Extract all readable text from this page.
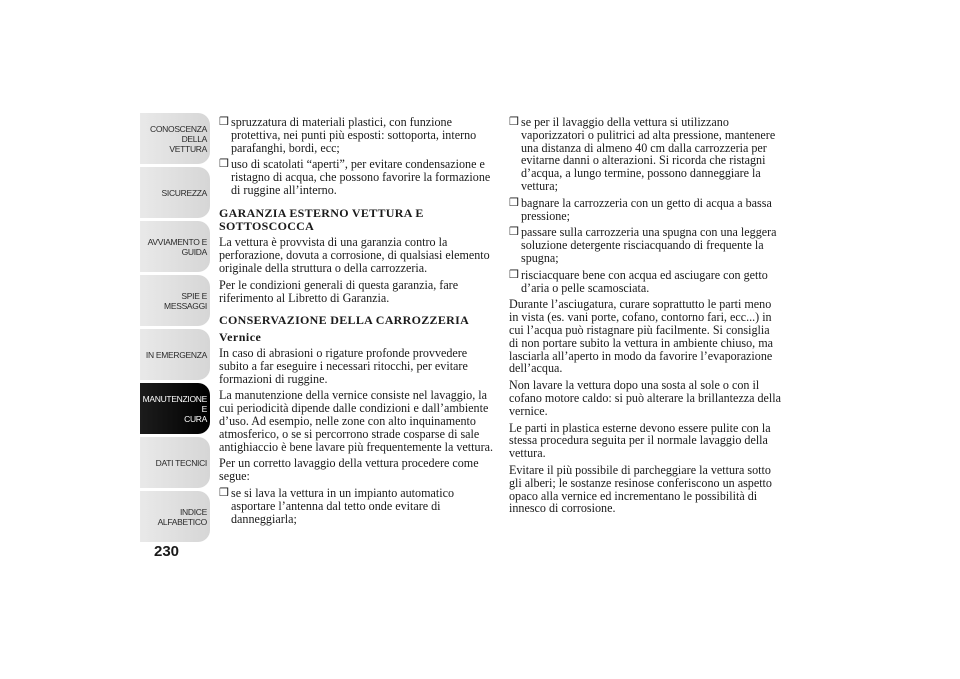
CONOSCENZA
DELLA VETTURA
SICUREZZA
AVVIAMENTO E
GUIDA
SPIE E MESSAGGI
IN EMERGENZA
MANUTENZIONE E
CURA
DATI TECNICI
INDICE
ALFABETICO
230
❒ spruzzatura di materiali plastici, con funzione protettiva, nei punti più esposti: sottoporta, interno parafanghi, bordi, ecc;
❒ uso di scatolati “aperti”, per evitare condensazione e ristagno di acqua, che possono favorire la formazione di ruggine all’interno.
GARANZIA ESTERNO VETTURA E SOTTOSCOCCA
La vettura è provvista di una garanzia contro la perforazione, dovuta a corrosione, di qualsiasi elemento originale della struttura o della carrozzeria.
Per le condizioni generali di questa garanzia, fare riferimento al Libretto di Garanzia.
CONSERVAZIONE DELLA CARROZZERIA
Vernice
In caso di abrasioni o rigature profonde provvedere subito a far eseguire i necessari ritocchi, per evitare formazioni di ruggine.
La manutenzione della vernice consiste nel lavaggio, la cui periodicità dipende dalle condizioni e dall’ambiente d’uso. Ad esempio, nelle zone con alto inquinamento atmosferico, o se si percorrono strade cosparse di sale antighiaccio è bene lavare più frequentemente la vettura.
Per un corretto lavaggio della vettura procedere come segue:
❒ se si lava la vettura in un impianto automatico asportare l’antenna dal tetto onde evitare di danneggiarla;
❒ se per il lavaggio della vettura si utilizzano vaporizzatori o pulitrici ad alta pressione, mantenere una distanza di almeno 40 cm dalla carrozzeria per evitarne danni o alterazioni. Si ricorda che ristagni d’acqua, a lungo termine, possono danneggiare la vettura;
❒ bagnare la carrozzeria con un getto di acqua a bassa pressione;
❒ passare sulla carrozzeria una spugna con una leggera soluzione detergente risciacquando di frequente la spugna;
❒ risciacquare bene con acqua ed asciugare con getto d’aria o pelle scamosciata.
Durante l’asciugatura, curare soprattutto le parti meno in vista (es. vani porte, cofano, contorno fari, ecc...) in cui l’acqua può ristagnare più facilmente. Si consiglia di non portare subito la vettura in ambiente chiuso, ma lasciarla all’aperto in modo da favorire l’evaporazione dell’acqua.
Non lavare la vettura dopo una sosta al sole o con il cofano motore caldo: si può alterare la brillantezza della vernice.
Le parti in plastica esterne devono essere pulite con la stessa procedura seguita per il normale lavaggio della vettura.
Evitare il più possibile di parcheggiare la vettura sotto gli alberi; le sostanze resinose conferiscono un aspetto opaco alla vernice ed incrementano le possibilità di innesco di corrosione.
